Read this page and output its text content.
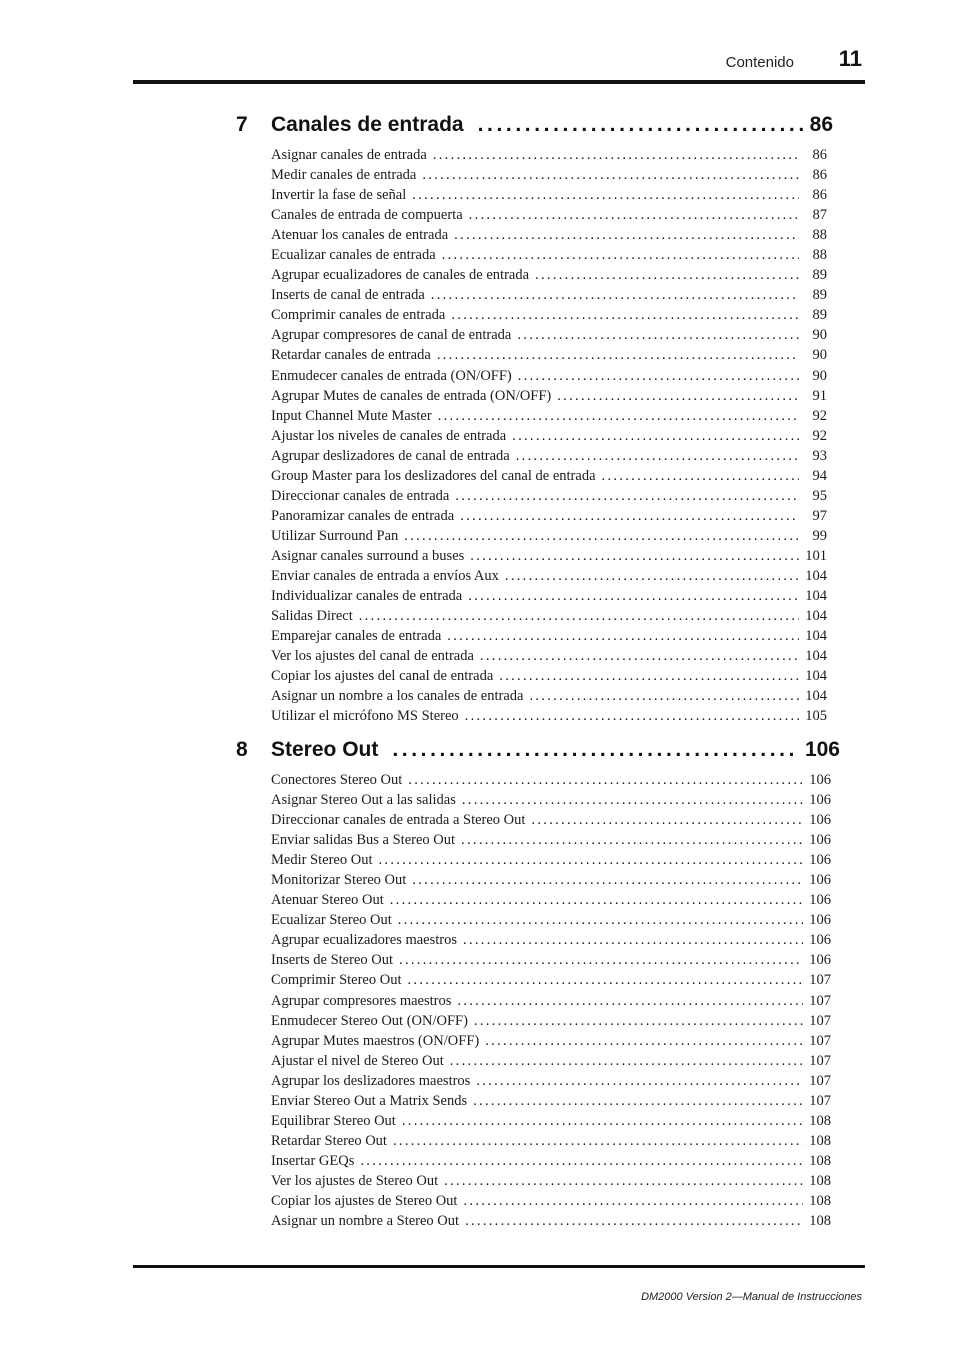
Contenido 11
7	Canales de entrada .....	86
Asignar canales de entrada .....	86
Medir canales de entrada .....	86
Invertir la fase de señal .....	86
Canales de entrada de compuerta .....	87
Atenuar los canales de entrada .....	88
Ecualizar canales de entrada .....	88
Agrupar ecualizadores de canales de entrada .....	89
Inserts de canal de entrada .....	89
Comprimir canales de entrada .....	89
Agrupar compresores de canal de entrada .....	90
Retardar canales de entrada .....	90
Enmudecer canales de entrada (ON/OFF) .....	90
Agrupar Mutes de canales de entrada (ON/OFF) .....	91
Input Channel Mute Master .....	92
Ajustar los niveles de canales de entrada .....	92
Agrupar deslizadores de canal de entrada .....	93
Group Master para los deslizadores del canal de entrada .....	94
Direccionar canales de entrada .....	95
Panoramizar canales de entrada .....	97
Utilizar Surround Pan .....	99
Asignar canales surround a buses .....	101
Enviar canales de entrada a envíos Aux .....	104
Individualizar canales de entrada .....	104
Salidas Direct .....	104
Emparejar canales de entrada .....	104
Ver los ajustes del canal de entrada .....	104
Copiar los ajustes del canal de entrada .....	104
Asignar un nombre a los canales de entrada .....	104
Utilizar el micrófono MS Stereo .....	105
8	Stereo Out .....	106
Conectores Stereo Out .....	106
Asignar Stereo Out a las salidas .....	106
Direccionar canales de entrada a Stereo Out .....	106
Enviar salidas Bus a Stereo Out .....	106
Medir Stereo Out .....	106
Monitorizar Stereo Out .....	106
Atenuar Stereo Out .....	106
Ecualizar Stereo Out .....	106
Agrupar ecualizadores maestros .....	106
Inserts de Stereo Out .....	106
Comprimir Stereo Out .....	107
Agrupar compresores maestros .....	107
Enmudecer Stereo Out (ON/OFF) .....	107
Agrupar Mutes maestros (ON/OFF) .....	107
Ajustar el nivel de Stereo Out .....	107
Agrupar los deslizadores maestros .....	107
Enviar Stereo Out a Matrix Sends .....	107
Equilibrar Stereo Out .....	108
Retardar Stereo Out .....	108
Insertar GEQs .....	108
Ver los ajustes de Stereo Out .....	108
Copiar los ajustes de Stereo Out .....	108
Asignar un nombre a Stereo Out .....	108
DM2000 Version 2—Manual de Instrucciones
